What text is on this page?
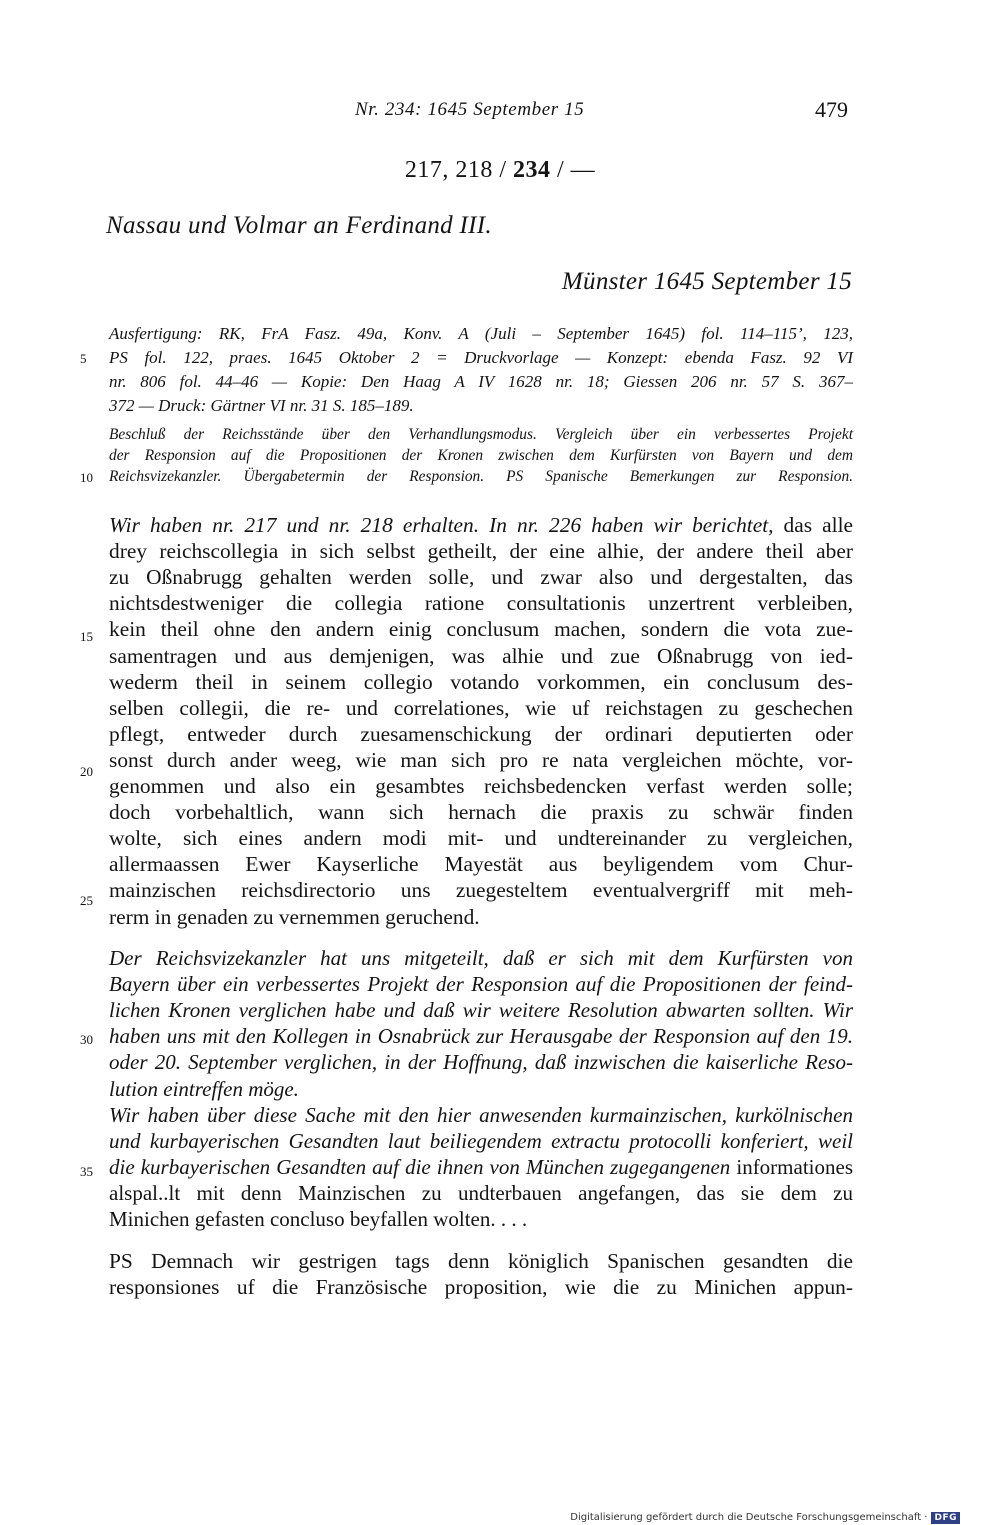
Nr. 234: 1645 September 15	479
217, 218 / 234 / —
Nassau und Volmar an Ferdinand III.
Münster 1645 September 15
Ausfertigung: RK, FrA Fasz. 49a, Konv. A (Juli – September 1645) fol. 114–115’, 123,
PS fol. 122, praes. 1645 Oktober 2 = Druckvorlage — Konzept: ebenda Fasz. 92 VI
nr. 806 fol. 44–46 — Kopie: Den Haag A IV 1628 nr. 18; Giessen 206 nr. 57 S. 367–
372 — Druck: Gärtner VI nr. 31 S. 185–189.
Beschluß der Reichsstände über den Verhandlungsmodus. Vergleich über ein verbessertes Projekt
der Responsion auf die Propositionen der Kronen zwischen dem Kurfürsten von Bayern und dem
Reichsvizekanzler. Übergabetermin der Responsion. PS Spanische Bemerkungen zur Responsion.
Wir haben nr. 217 und nr. 218 erhalten. In nr. 226 haben wir berichtet, das alle
drey reichscollegia in sich selbst getheilt, der eine alhie, der andere theil aber
zu Oßnabrugg gehalten werden solle, und zwar also und dergestalten, das
nichtsdestweniger die collegia ratione consultationis unzertrent verbleiben,
kein theil ohne den andern einig conclusum machen, sondern die vota zue-
samentragen und aus demjenigen, was alhie und zue Oßnabrugg von ied-
wederm theil in seinem collegio votando vorkommen, ein conclusum des-
selben collegii, die re- und correlationes, wie uf reichstagen zu geschechen
pflegt, entweder durch zuesamenschickung der ordinari deputierten oder
sonst durch ander weeg, wie man sich pro re nata vergleichen möchte, vor-
genommen und also ein gesambtes reichsbedencken verfast werden solle;
doch vorbehaltlich, wann sich hernach die praxis zu schwär finden
wolte, sich eines andern modi mit- und undtereinander zu vergleichen,
allermaassen Ewer Kayserliche Mayestät aus beyligendem vom Chur-
mainzischen reichsdirectorio uns zuegesteltem eventualvergriff mit meh-
rerm in genaden zu vernemmen geruchend.
Der Reichsvizekanzler hat uns mitgeteilt, daß er sich mit dem Kurfürsten von
Bayern über ein verbessertes Projekt der Responsion auf die Propositionen der feind-
lichen Kronen verglichen habe und daß wir weitere Resolution abwarten sollten. Wir
haben uns mit den Kollegen in Osnabrück zur Herausgabe der Responsion auf den 19.
oder 20. September verglichen, in der Hoffnung, daß inzwischen die kaiserliche Reso-
lution eintreffen möge.
Wir haben über diese Sache mit den hier anwesenden kurmainzischen, kurkölnischen
und kurbayerischen Gesandten laut beiliegendem extractu protocolli konferiert, weil
die kurbayerischen Gesandten auf die ihnen von München zugegangenen informationes
alspal..lt mit denn Mainzischen zu undterbauen angefangen, das sie dem zu
Minichen gefasten concluso beyfallen wolten. . . .
PS Demnach wir gestrigen tags denn königlich Spanischen gesandten die
responsiones uf die Französische proposition, wie die zu Minichen appun-
5
10
15
20
25
30
35
Digitalisierung gefördert durch die Deutsche Forschungsgemeinschaft · DFG
